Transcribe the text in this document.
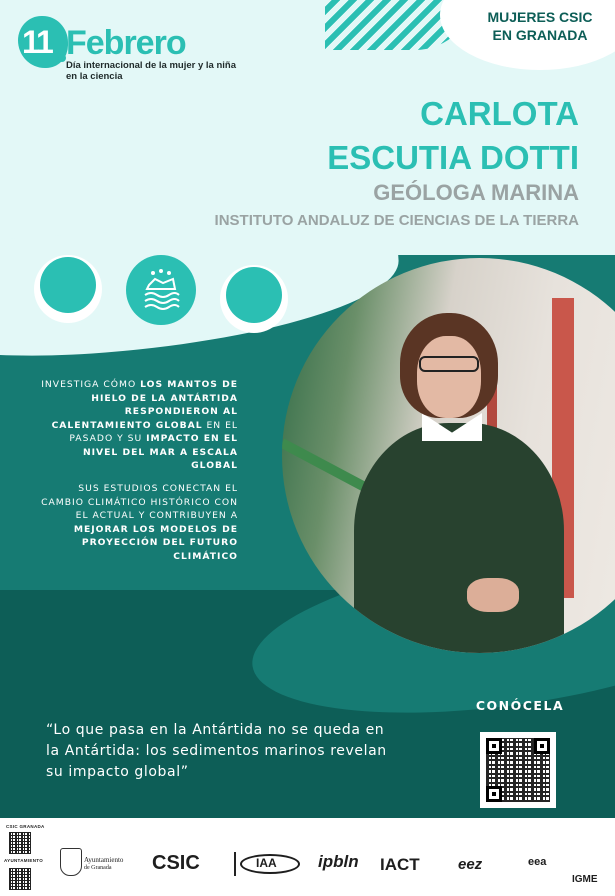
MUJERES CSIC
EN GRANADA
11 Febrero
Día internacional de la mujer y la niña en la ciencia
CARLOTA
ESCUTIA DOTTI
GEÓLOGA MARINA
INSTITUTO ANDALUZ DE CIENCIAS DE LA TIERRA
INVESTIGA CÓMO LOS MANTOS DE HIELO DE LA ANTÁRTIDA RESPONDIERON AL CALENTAMIENTO GLOBAL EN EL PASADO Y SU IMPACTO EN EL NIVEL DEL MAR A ESCALA GLOBAL
SUS ESTUDIOS CONECTAN EL CAMBIO CLIMÁTICO HISTÓRICO CON EL ACTUAL Y CONTRIBUYEN A MEJORAR LOS MODELOS DE PROYECCIÓN DEL FUTURO CLIMÁTICO
“Lo que pasa en la Antártida no se queda en la Antártida: los sedimentos marinos revelan su impacto global”
CONÓCELA
CSIC GRANADA
AYUNTAMIENTO	Ayuntamiento
de Granada CSIC	IAA ipbln IACT	eez	eea
IGME
